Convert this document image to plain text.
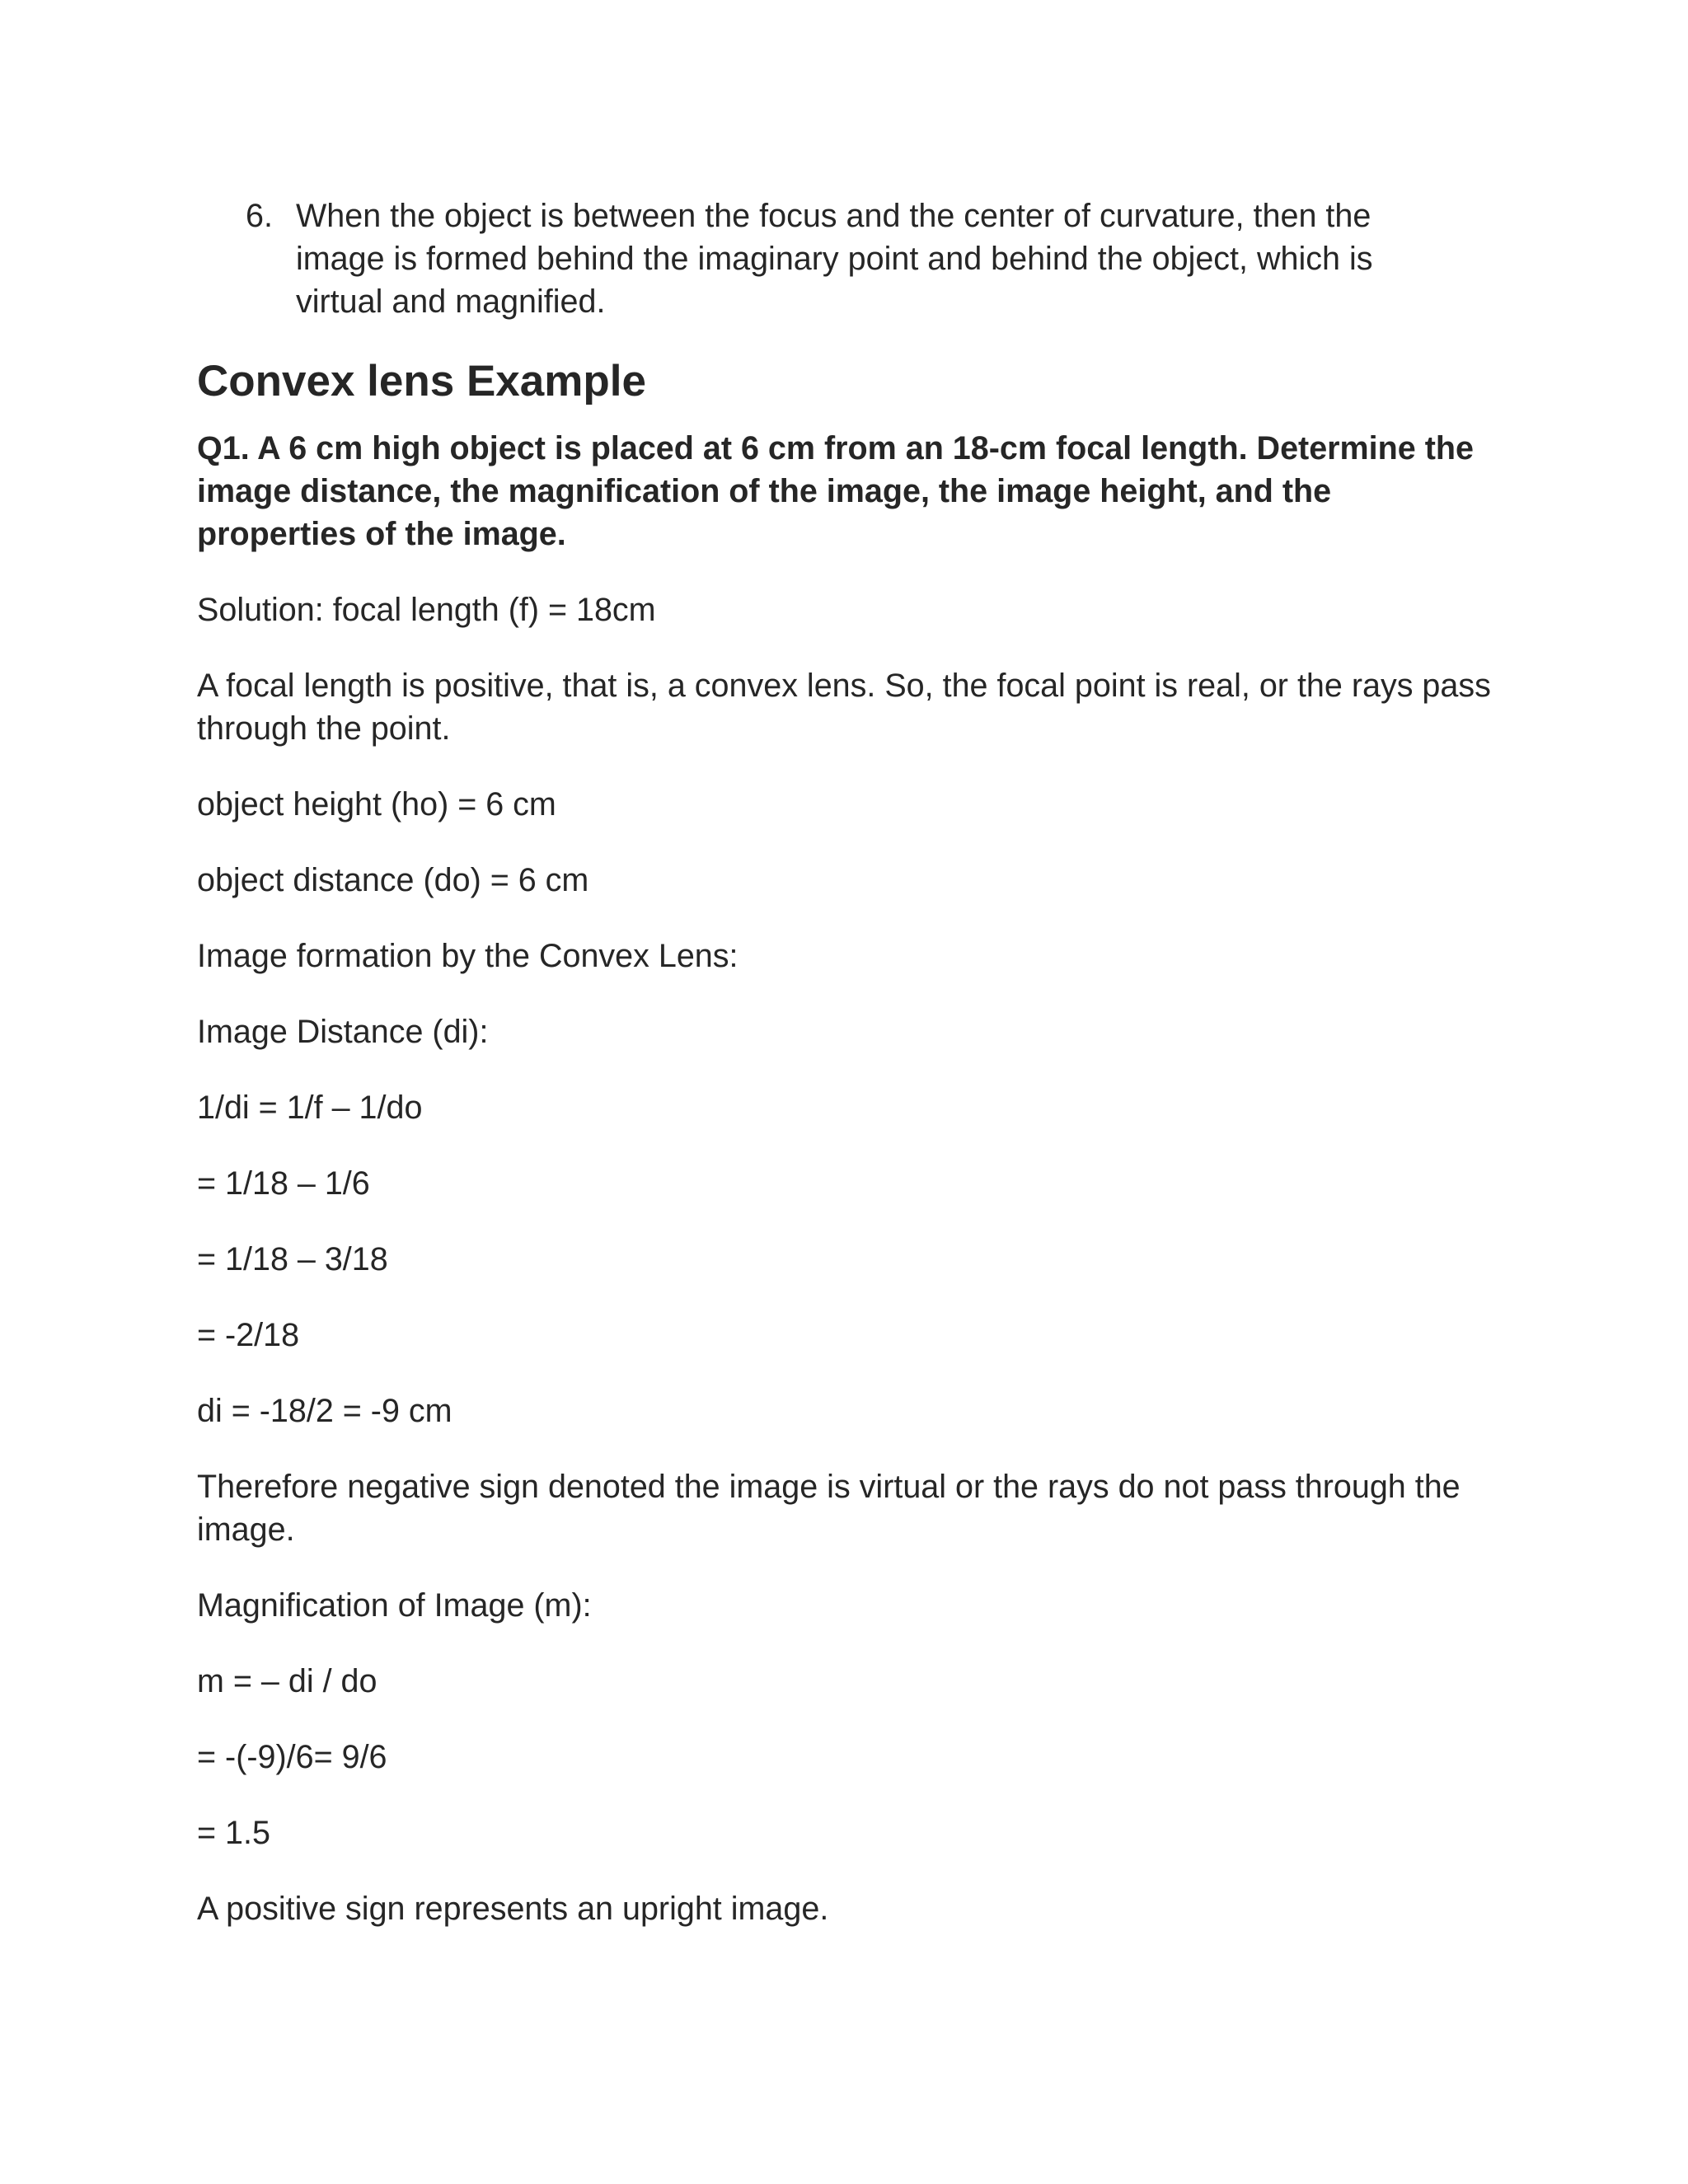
6. When the object is between the focus and the center of curvature, then the image is formed behind the imaginary point and behind the object, which is virtual and magnified.
Convex lens Example
Q1. A 6 cm high object is placed at 6 cm from an 18-cm focal length. Determine the image distance, the magnification of the image, the image height, and the properties of the image.
Solution: focal length (f) = 18cm
A focal length is positive, that is, a convex lens. So, the focal point is real, or the rays pass through the point.
object height (ho) = 6 cm
object distance (do) = 6 cm
Image formation by the Convex Lens:
Image Distance (di):
1/di = 1/f – 1/do
= 1/18 – 1/6
= 1/18 – 3/18
= -2/18
di = -18/2 = -9 cm
Therefore negative sign denoted the image is virtual or the rays do not pass through the image.
Magnification of Image (m):
m = – di / do
= -(-9)/6= 9/6
= 1.5
A positive sign represents an upright image.
